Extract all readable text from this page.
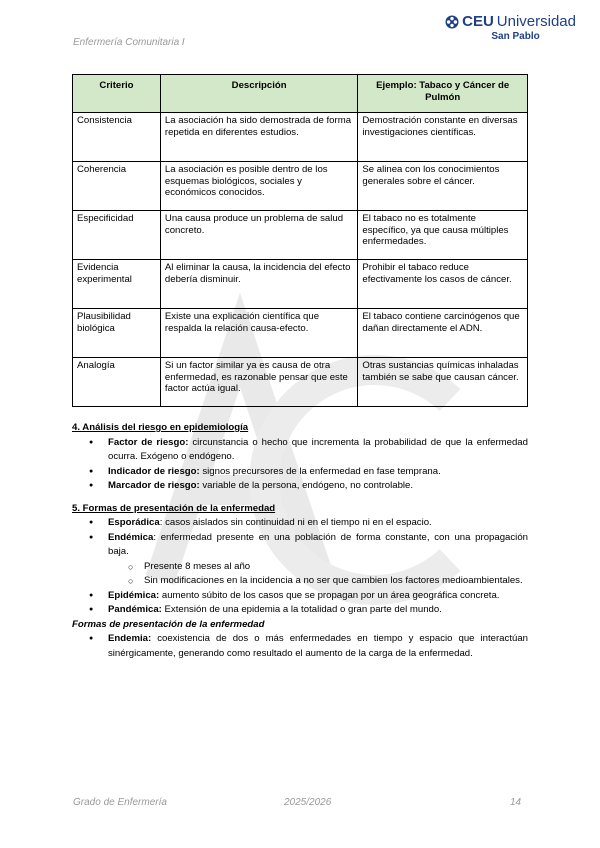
Enfermería Comunitaria I
CEU Universidad
San Pablo
Criterio	Descripción	Ejemplo: Tabaco y Cáncer de Pulmón
Consistencia	La asociación ha sido demostrada de forma repetida en diferentes estudios.	Demostración constante en diversas investigaciones científicas.
Coherencia	La asociación es posible dentro de los esquemas biológicos, sociales y económicos conocidos.	Se alinea con los conocimientos generales sobre el cáncer.
Especificidad	Una causa produce un problema de salud concreto.	El tabaco no es totalmente específico, ya que causa múltiples enfermedades.
Evidencia experimental	Al eliminar la causa, la incidencia del efecto debería disminuir.	Prohibir el tabaco reduce efectivamente los casos de cáncer.
Plausibilidad biológica	Existe una explicación científica que respalda la relación causa-efecto.	El tabaco contiene carcinógenos que dañan directamente el ADN.
Analogía	Si un factor similar ya es causa de otra enfermedad, es razonable pensar que este factor actúa igual.	Otras sustancias químicas inhaladas también se sabe que causan cáncer.
4. Análisis del riesgo en epidemiología
● Factor de riesgo: circunstancia o hecho que incrementa la probabilidad de que la enfermedad ocurra. Exógeno o endógeno.
● Indicador de riesgo: signos precursores de la enfermedad en fase temprana.
● Marcador de riesgo: variable de la persona, endógeno, no controlable.
5. Formas de presentación de la enfermedad
● Esporádica: casos aislados sin continuidad ni en el tiempo ni en el espacio.
● Endémica: enfermedad presente en una población de forma constante, con una propagación baja.
○ Presente 8 meses al año
○ Sin modificaciones en la incidencia a no ser que cambien los factores medioambientales.
● Epidémica: aumento súbito de los casos que se propagan por un área geográfica concreta.
● Pandémica: Extensión de una epidemia a la totalidad o gran parte del mundo.
Formas de presentación de la enfermedad
● Endemia: coexistencia de dos o más enfermedades en tiempo y espacio que interactúan sinérgicamente, generando como resultado el aumento de la carga de la enfermedad.
Grado de Enfermería	2025/2026	14
